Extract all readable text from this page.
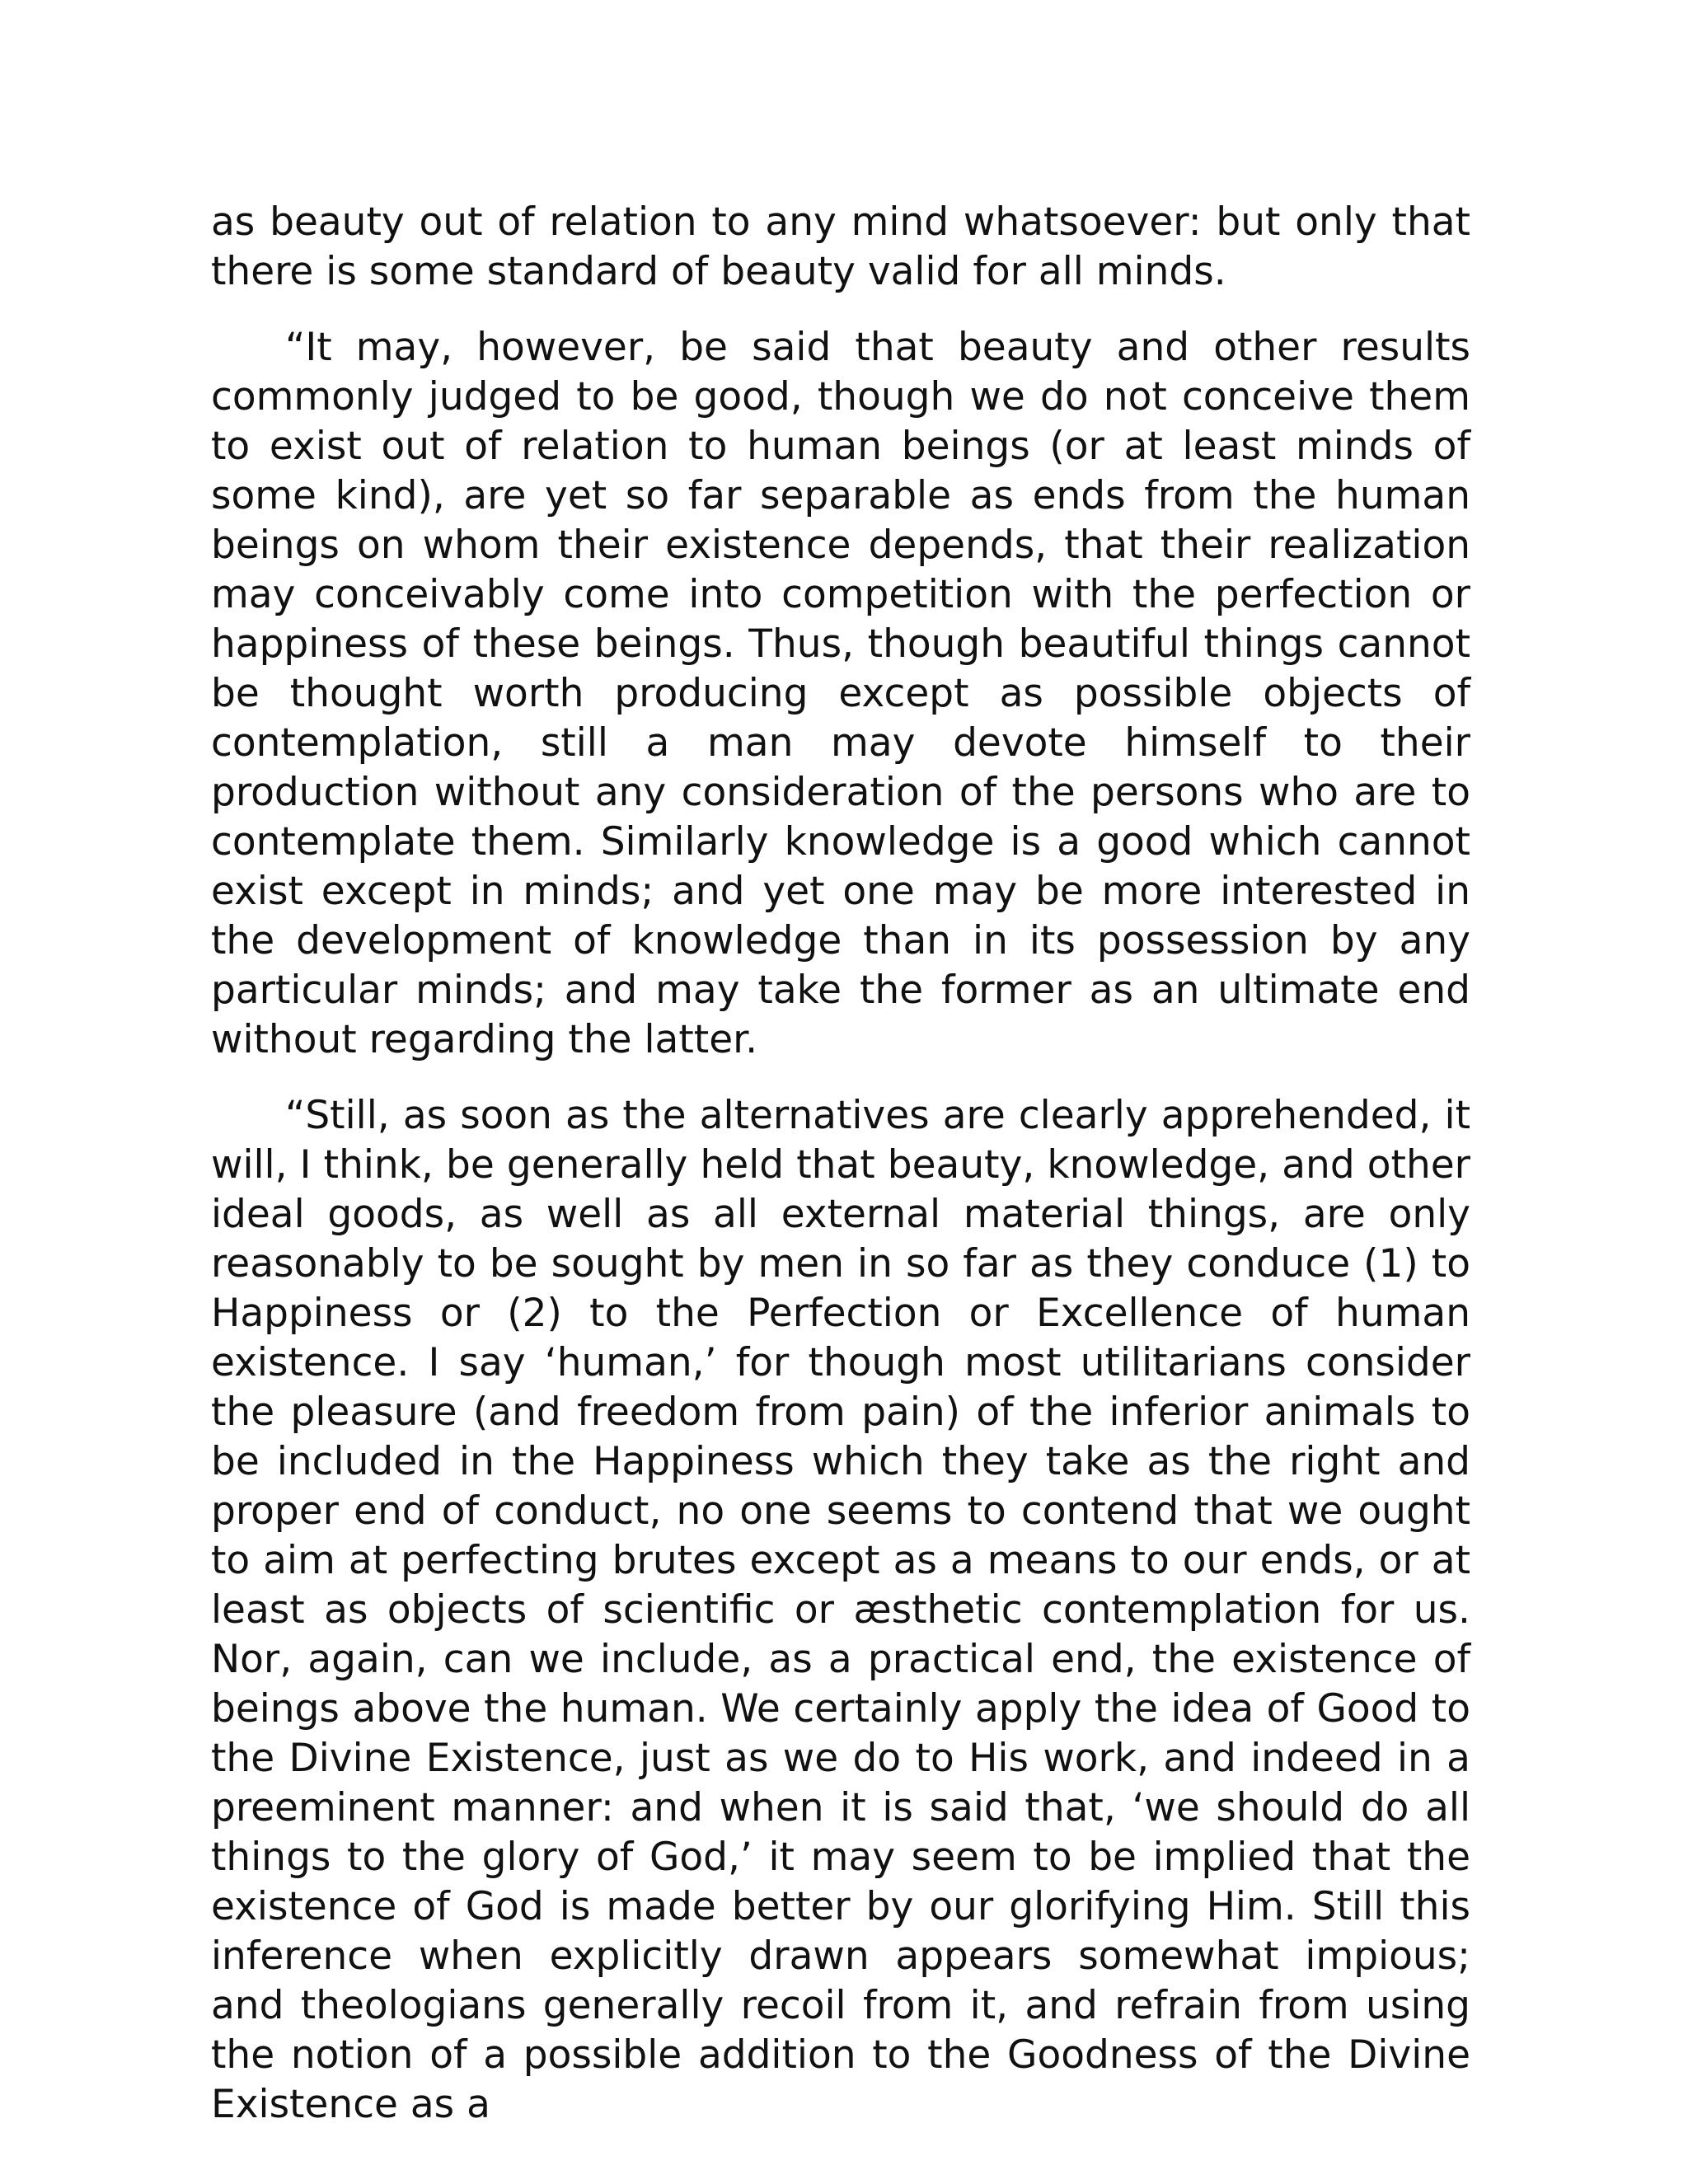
as beauty out of relation to any mind whatsoever: but only that there is some standard of beauty valid for all minds.

“It may, however, be said that beauty and other results commonly judged to be good, though we do not conceive them to exist out of relation to human beings (or at least minds of some kind), are yet so far separable as ends from the human beings on whom their existence depends, that their realization may conceivably come into competition with the perfection or happiness of these beings. Thus, though beautiful things cannot be thought worth producing except as possible objects of contemplation, still a man may devote himself to their production without any consideration of the persons who are to contemplate them. Similarly knowledge is a good which cannot exist except in minds; and yet one may be more interested in the development of knowledge than in its possession by any particular minds; and may take the former as an ultimate end without regarding the latter.

“Still, as soon as the alternatives are clearly apprehended, it will, I think, be generally held that beauty, knowledge, and other ideal goods, as well as all external material things, are only reasonably to be sought by men in so far as they conduce (1) to Happiness or (2) to the Perfection or Excellence of human existence. I say ‘human,’ for though most utilitarians consider the pleasure (and freedom from pain) of the inferior animals to be included in the Happiness which they take as the right and proper end of conduct, no one seems to contend that we ought to aim at perfecting brutes except as a means to our ends, or at least as objects of scientific or æsthetic contemplation for us. Nor, again, can we include, as a practical end, the existence of beings above the human. We certainly apply the idea of Good to the Divine Existence, just as we do to His work, and indeed in a preeminent manner: and when it is said that, ‘we should do all things to the glory of God,’ it may seem to be implied that the existence of God is made better by our glorifying Him. Still this inference when explicitly drawn appears somewhat impious; and theologians generally recoil from it, and refrain from using the notion of a possible addition to the Goodness of the Divine Existence as a
